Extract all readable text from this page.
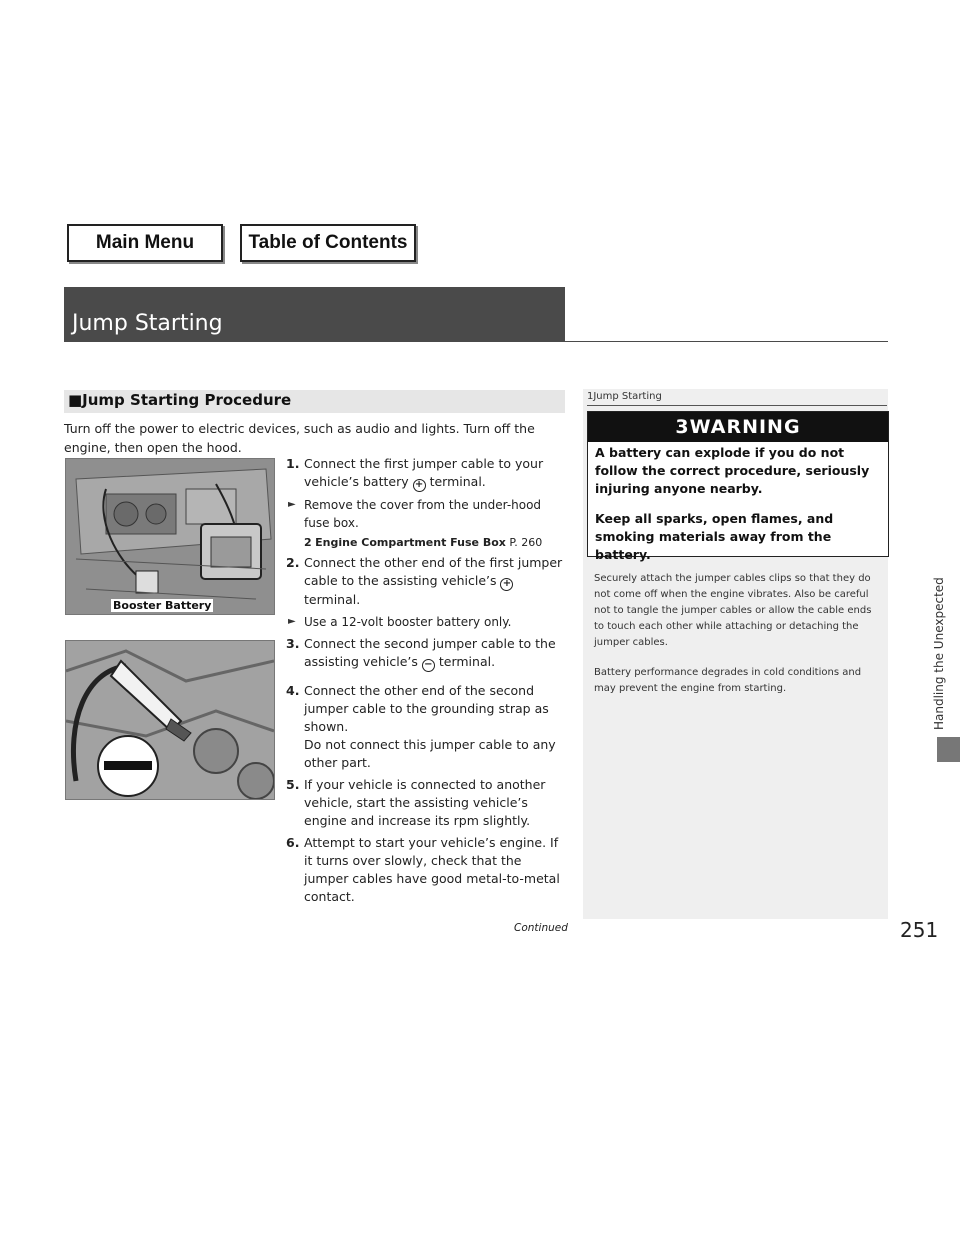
Main Menu	Table of Contents
Jump Starting
■Jump Starting Procedure
Turn off the power to electric devices, such as audio and lights. Turn off the engine, then open the hood.
Booster Battery
1. Connect the first jumper cable to your vehicle’s battery + terminal.
► Remove the cover from the under-hood fuse box.
2 Engine Compartment Fuse Box P. 260
2. Connect the other end of the first jumper cable to the assisting vehicle’s + terminal.
► Use a 12-volt booster battery only.
3. Connect the second jumper cable to the assisting vehicle’s − terminal.
4. Connect the other end of the second jumper cable to the grounding strap as shown.
Do not connect this jumper cable to any other part.
5. If your vehicle is connected to another vehicle, start the assisting vehicle’s engine and increase its rpm slightly.
6. Attempt to start your vehicle’s engine. If it turns over slowly, check that the jumper cables have good metal-to-metal contact.
1Jump Starting
3WARNING
A battery can explode if you do not follow the correct procedure, seriously injuring anyone nearby.
Keep all sparks, open flames, and smoking materials away from the battery.
Securely attach the jumper cables clips so that they do not come off when the engine vibrates. Also be careful not to tangle the jumper cables or allow the cable ends to touch each other while attaching or detaching the jumper cables.
Battery performance degrades in cold conditions and may prevent the engine from starting.	Handling the Unexpected
Continued	251
